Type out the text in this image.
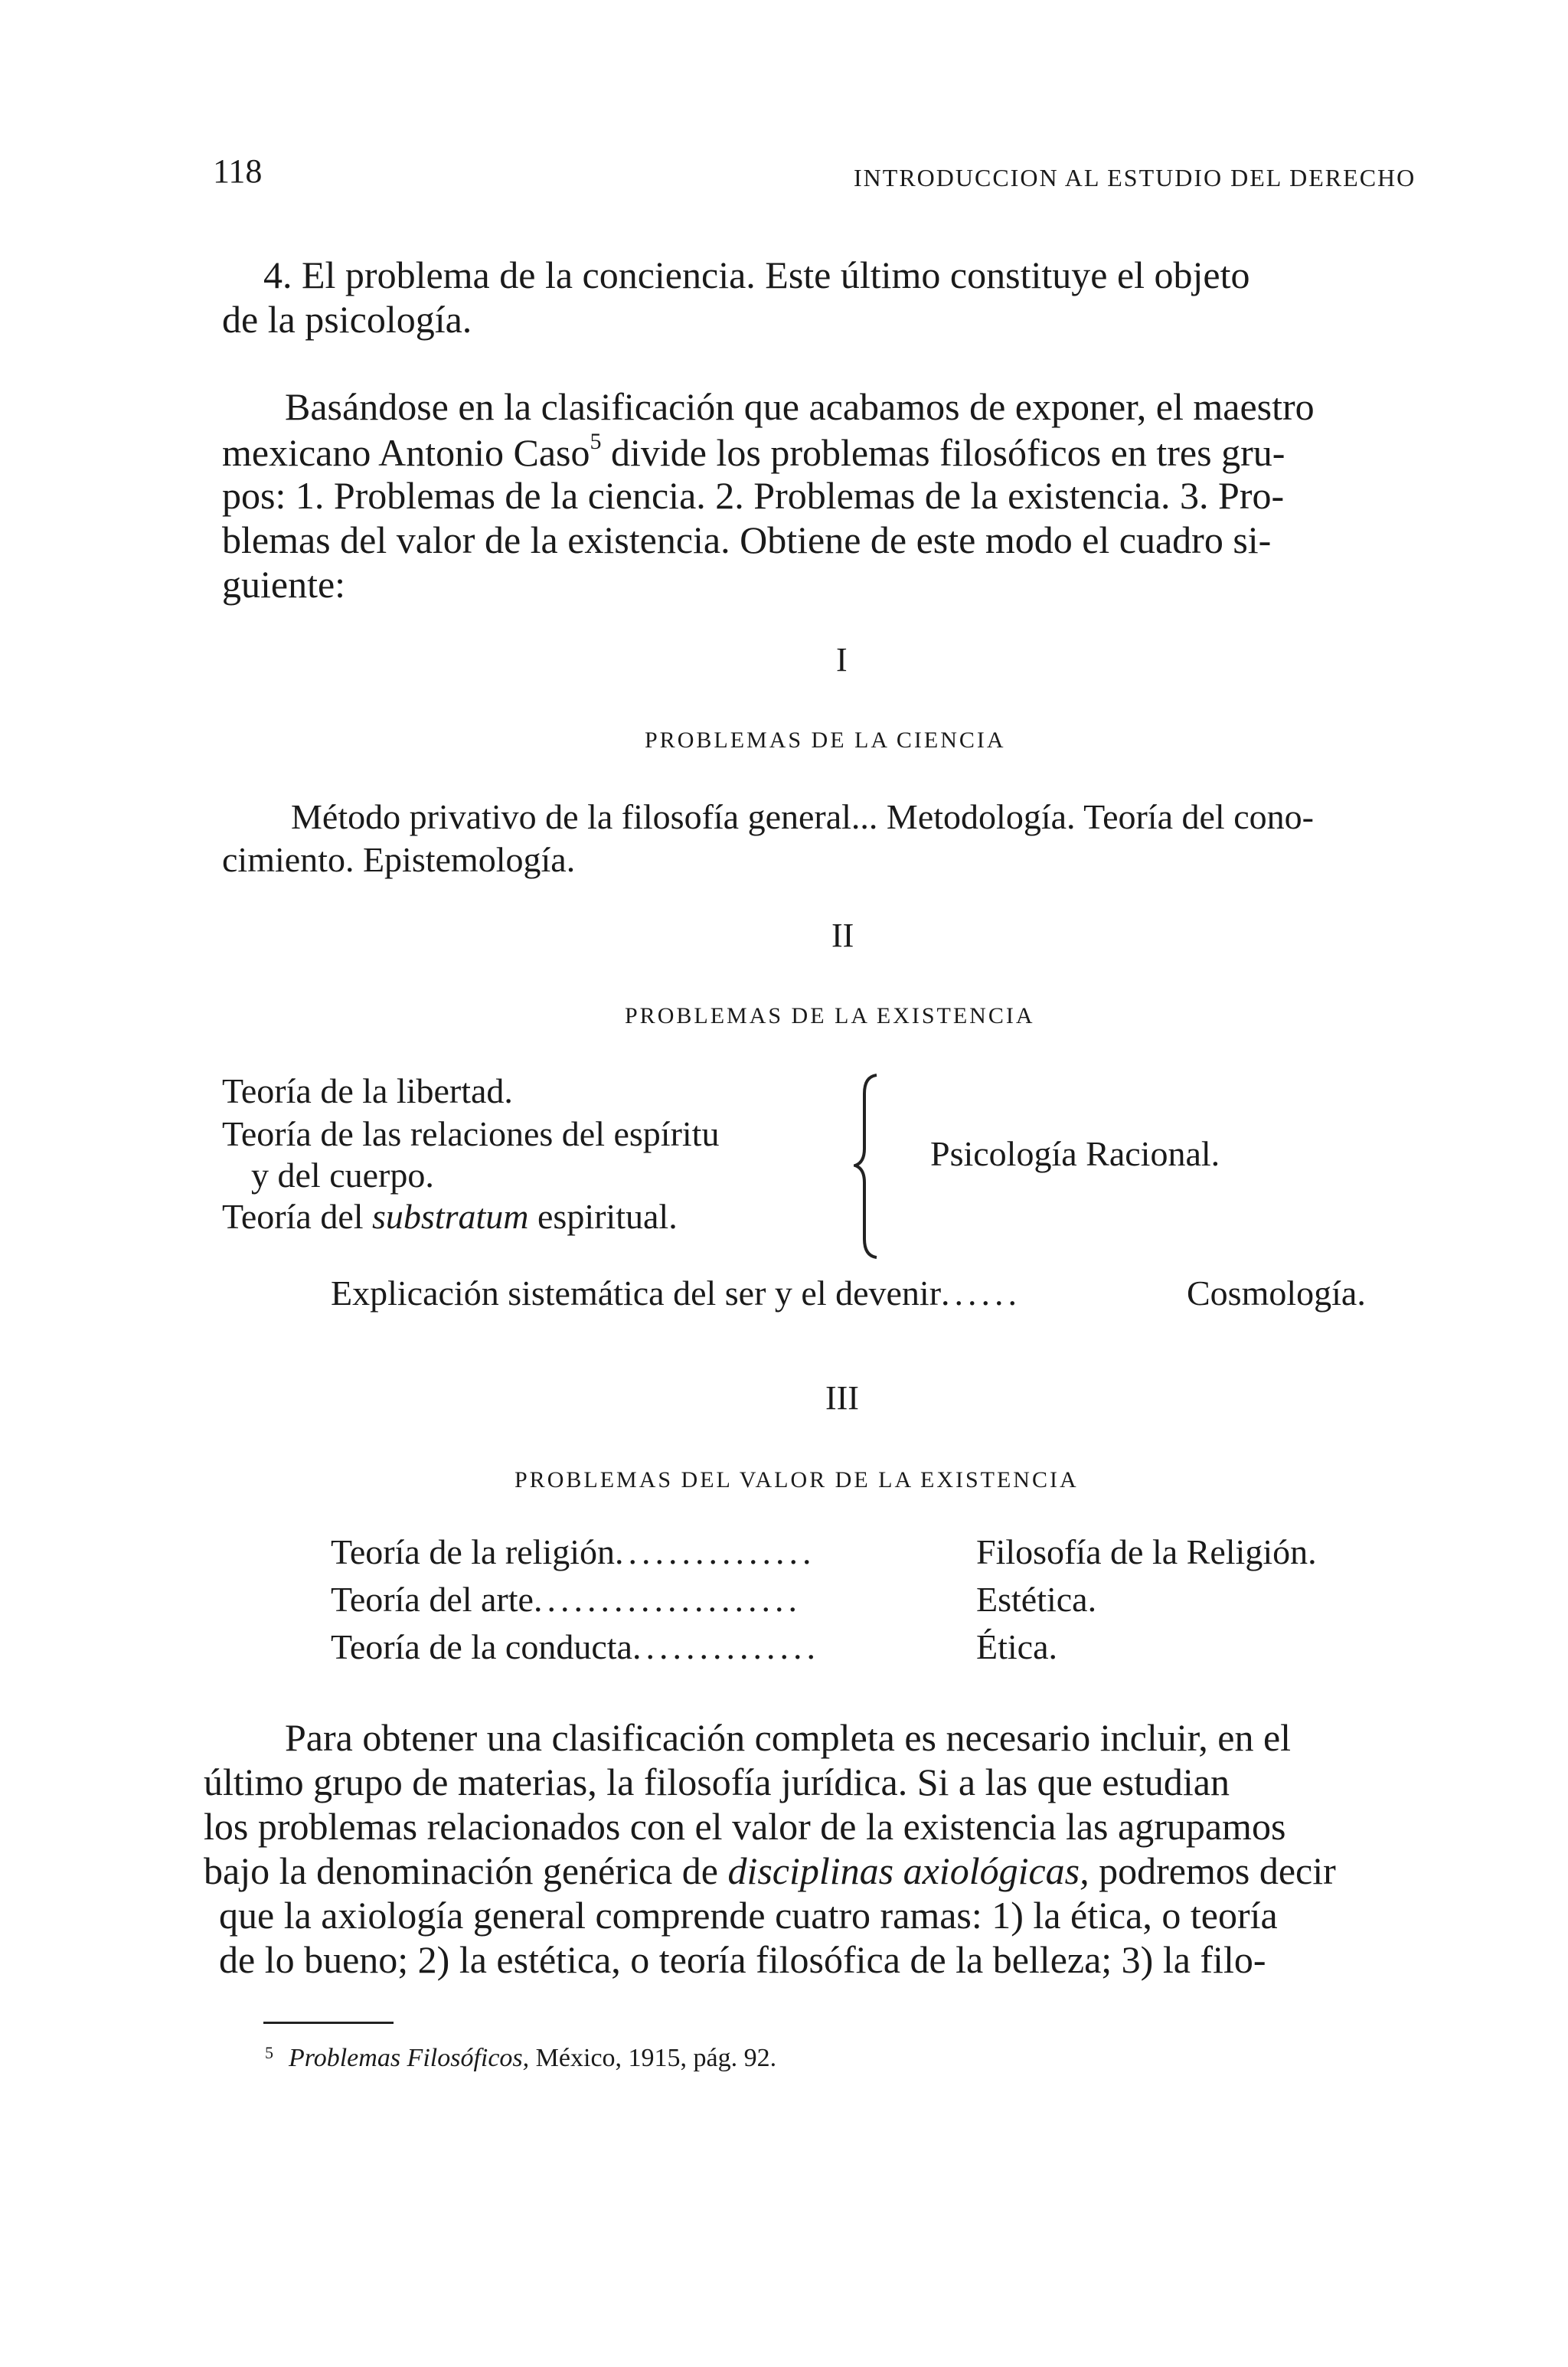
118	INTRODUCCION AL ESTUDIO DEL DERECHO
4. El problema de la conciencia. Este último constituye el objeto
de la psicología.
Basándose en la clasificación que acabamos de exponer, el maestro
mexicano Antonio Caso$^5$ divide los problemas filosóficos en tres gru-
pos: 1. Problemas de la ciencia. 2. Problemas de la existencia. 3. Pro-
blemas del valor de la existencia. Obtiene de este modo el cuadro si-
guiente:
I
PROBLEMAS DE LA CIENCIA
Método privativo de la filosofía general... Metodología. Teoría del cono-
cimiento. Epistemología.
II
PROBLEMAS DE LA EXISTENCIA
Teoría de la libertad.
Teoría de las relaciones del espíritu
y del cuerpo.
Teoría del substratum espiritual.
Psicología Racional.
Explicación sistemática del ser y el devenir......	Cosmología.
III
PROBLEMAS DEL VALOR DE LA EXISTENCIA
Teoría de la religión...............	Filosofía de la Religión.
Teoría del arte....................	Estética.
Teoría de la conducta..............	Ética.
Para obtener una clasificación completa es necesario incluir, en el
último grupo de materias, la filosofía jurídica. Si a las que estudian
los problemas relacionados con el valor de la existencia las agrupamos
bajo la denominación genérica de disciplinas axiológicas, podremos decir
que la axiología general comprende cuatro ramas: 1) la ética, o teoría
de lo bueno; 2) la estética, o teoría filosófica de la belleza; 3) la filo-
$^5$ Problemas Filosóficos, México, 1915, pág. 92.
